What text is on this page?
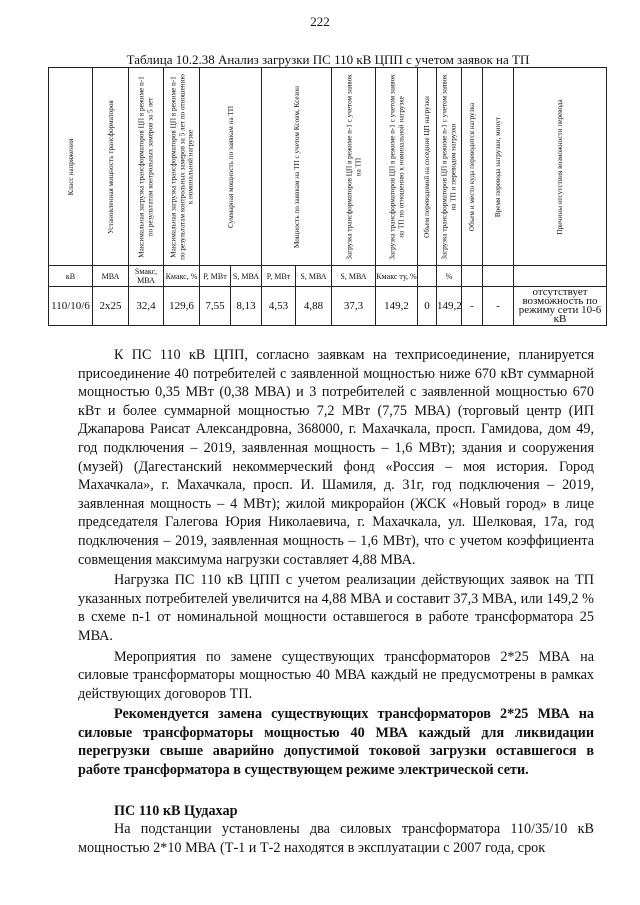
222
Таблица 10.2.38 Анализ загрузки ПС 110 кВ ЦПП с учетом заявок на ТП
Класс напряжения	Установленная мощность трансформаторов	Максимальная загрузка трансформаторов ЦП в режиме n-1 по результатам контрольных замеров за 5 лет	Максимальная загрузка трансформаторов ЦП в режиме n-1 по результатам контрольных замеров за 5 лет по отношению к номинальной нагрузке	Суммарная мощность по заявкам на ТП		Мощность по заявкам на ТП с учетом Ксовм, Ксезон		Загрузка трансформаторов ЦП в режиме n-1 с учетом заявок на ТП	Загрузка трансформаторов ЦП в режиме n-1 с учетом заявок на ТП по отношению к номинальной нагрузке	Объем переводимой на соседние ЦП нагрузки	Загрузка трансформаторов ЦП в режиме n-1 с учетом заявок на ТП и переводом нагрузки	Объем и место куда переводится нагрузка	Время перевода нагрузки, минут	Причины отсутствия возможности перевода

кВ	МВА	Sмакс, МВА	Кмакс, %	P, МВт	S, МВА	P, МВт	S, МВА	S, МВА	Кмакс ту, %		%			
110/10/6	2х25	32,4	129,6	7,55	8,13	4,53	4,88	37,3	149,2	0	149,2	-	-	отсутствует возможность по режиму сети 10-6 кВ

К ПС 110 кВ ЦПП, согласно заявкам на техприсоединение, планируется присоединение 40 потребителей с заявленной мощностью ниже 670 кВт суммарной мощностью 0,35 МВт (0,38 МВА) и 3 потребителей с заявленной мощностью 670 кВт и более суммарной мощностью 7,2 МВт (7,75 МВА) (торговый центр (ИП Джапарова Раисат Александровна, 368000, г. Махачкала, просп. Гамидова, дом 49, год подключения – 2019, заявленная мощность – 1,6 МВт); здания и сооружения (музей) (Дагестанский некоммерческий фонд «Россия – моя история. Город Махачкала», г. Махачкала, просп. И. Шамиля, д. 31г, год подключения – 2019, заявленная мощность – 4 МВт); жилой микрорайон (ЖСК «Новый город» в лице председателя Галегова Юрия Николаевича, г. Махачкала, ул. Шелковая, 17а, год подключения – 2019, заявленная мощность – 1,6 МВт), что с учетом коэффициента совмещения максимума нагрузки составляет 4,88 МВА.

Нагрузка ПС 110 кВ ЦПП с учетом реализации действующих заявок на ТП указанных потребителей увеличится на 4,88 МВА и составит 37,3 МВА, или 149,2 % в схеме n-1 от номинальной мощности оставшегося в работе трансформатора 25 МВА.

Мероприятия по замене существующих трансформаторов 2*25 МВА на силовые трансформаторы мощностью 40 МВА каждый не предусмотрены в рамках действующих договоров ТП.

Рекомендуется замена существующих трансформаторов 2*25 МВА на силовые трансформаторы мощностью 40 МВА каждый для ликвидации перегрузки свыше аварийно допустимой токовой загрузки оставшегося в работе трансформатора в существующем режиме электрической сети.

ПС 110 кВ Цудахар

На подстанции установлены два силовых трансформатора 110/35/10 кВ мощностью 2*10 МВА (Т-1 и Т-2 находятся в эксплуатации с 2007 года, срок
